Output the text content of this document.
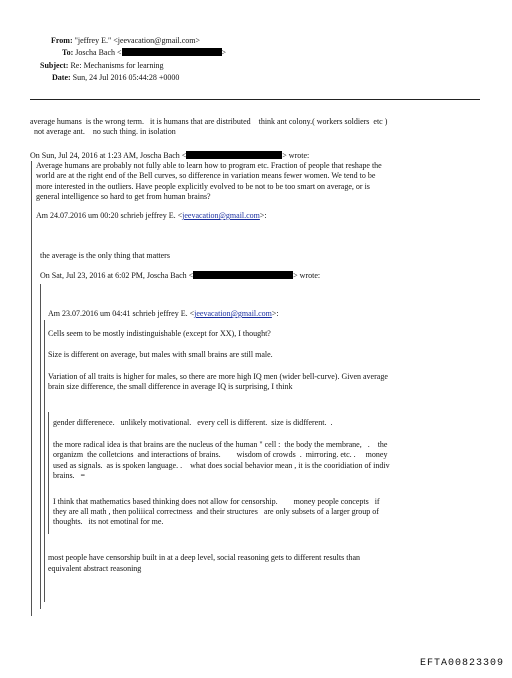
From: "jeffrey E." <jeevacation@gmail.com>
To: Joscha Bach <	>
Subject: Re: Mechanisms for learning
Date: Sun, 24 Jul 2016 05:44:28 +0000
average humans  is the wrong term.   it is humans that are distributed    think ant colony.( workers soldiers  etc )
not average ant.    no such thing. in isolation
On Sun, Jul 24, 2016 at 1:23 AM, Joscha Bach <	> wrote:
Average humans are probably not fully able to learn how to program etc. Fraction of people that reshape the
world are at the right end of the Bell curves, so difference in variation means fewer women. We tend to be
more interested in the outliers. Have people explicitly evolved to be not to be too smart on average, or is
general intelligence so hard to get from human brains?
Am 24.07.2016 um 00:20 schrieb jeffrey E. <jeevacation@gmail.com>:
the average is the only thing that matters
On Sat, Jul 23, 2016 at 6:02 PM, Joscha Bach <	> wrote:
Am 23.07.2016 um 04:41 schrieb jeffrey E. <jeevacation@gmail.com>:
Cells seem to be mostly indistinguishable (except for XX), I thought?
Size is different on average, but males with small brains are still male.
Variation of all traits is higher for males, so there are more high IQ men (wider bell-curve). Given average
brain size difference, the small difference in average IQ is surprising, I think
gender differenece.   unlikely motivational.   every cell is different.  size is didfferent.  .
the more radical idea is that brains are the nucleus of the human " cell :  the body the membrane,   .    the
organizm  the colletcions  and interactions of brains.        wisdom of crowds  .  mirroring. etc. .     money
used as signals.  as is spoken language. .    what does social behavior mean , it is the cooridiation of indiv
brains.   =
I think that mathematics based thinking does not allow for censorship.        money people concepts   if
they are all math , then poliiical correctness  and their structures   are only subsets of a larger group of
thoughts.   its not emotinal for me.
most people have censorship built in at a deep level, social reasoning gets to different results than
equivalent abstract reasoning
EFTA00823309
